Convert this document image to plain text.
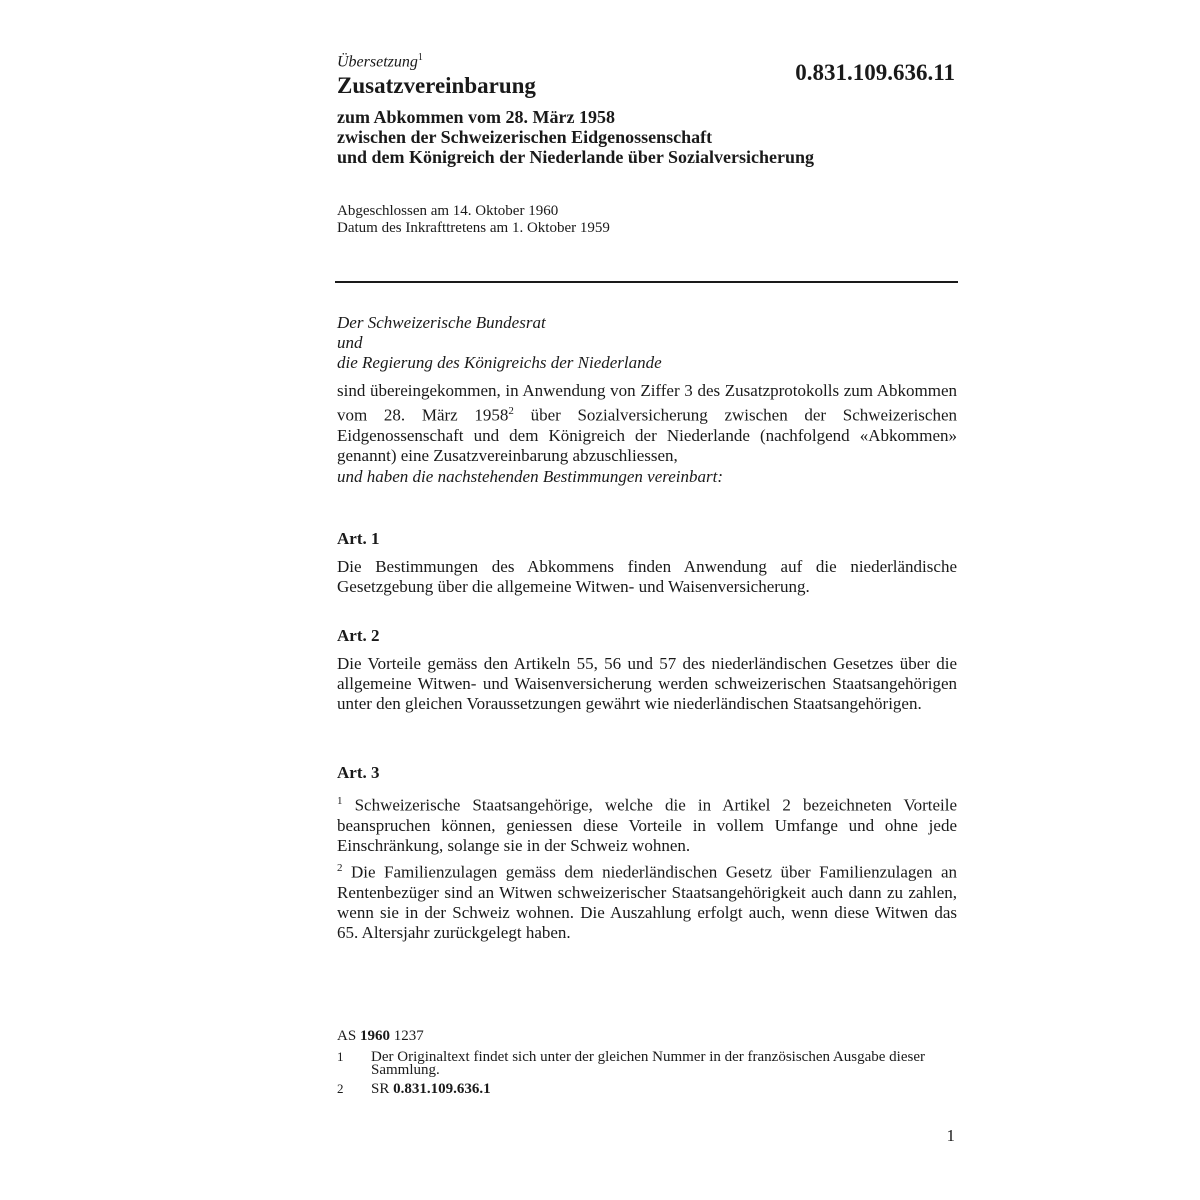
Übersetzung$^1$
0.831.109.636.11
Zusatzvereinbarung
zum Abkommen vom 28. März 1958
zwischen der Schweizerischen Eidgenossenschaft
und dem Königreich der Niederlande über Sozialversicherung
Abgeschlossen am 14. Oktober 1960
Datum des Inkrafttretens am 1. Oktober 1959
Der Schweizerische Bundesrat
und
die Regierung des Königreichs der Niederlande
sind übereingekommen, in Anwendung von Ziffer 3 des Zusatzprotokolls zum Abkommen vom 28. März 1958$^2$ über Sozialversicherung zwischen der Schweizerischen Eidgenossenschaft und dem Königreich der Niederlande (nachfolgend «Abkommen» genannt) eine Zusatzvereinbarung abzuschliessen,
und haben die nachstehenden Bestimmungen vereinbart:
Art. 1
Die Bestimmungen des Abkommens finden Anwendung auf die niederländische Gesetzgebung über die allgemeine Witwen- und Waisenversicherung.
Art. 2
Die Vorteile gemäss den Artikeln 55, 56 und 57 des niederländischen Gesetzes über die allgemeine Witwen- und Waisenversicherung werden schweizerischen Staatsangehörigen unter den gleichen Voraussetzungen gewährt wie niederländischen Staatsangehörigen.
Art. 3
$^1$ Schweizerische Staatsangehörige, welche die in Artikel 2 bezeichneten Vorteile beanspruchen können, geniessen diese Vorteile in vollem Umfange und ohne jede Einschränkung, solange sie in der Schweiz wohnen.
$^2$ Die Familienzulagen gemäss dem niederländischen Gesetz über Familienzulagen an Rentenbezüger sind an Witwen schweizerischer Staatsangehörigkeit auch dann zu zahlen, wenn sie in der Schweiz wohnen. Die Auszahlung erfolgt auch, wenn diese Witwen das 65. Altersjahr zurückgelegt haben.
AS 1960 1237
1 Der Originaltext findet sich unter der gleichen Nummer in der französischen Ausgabe dieser Sammlung.
2 SR 0.831.109.636.1
1
